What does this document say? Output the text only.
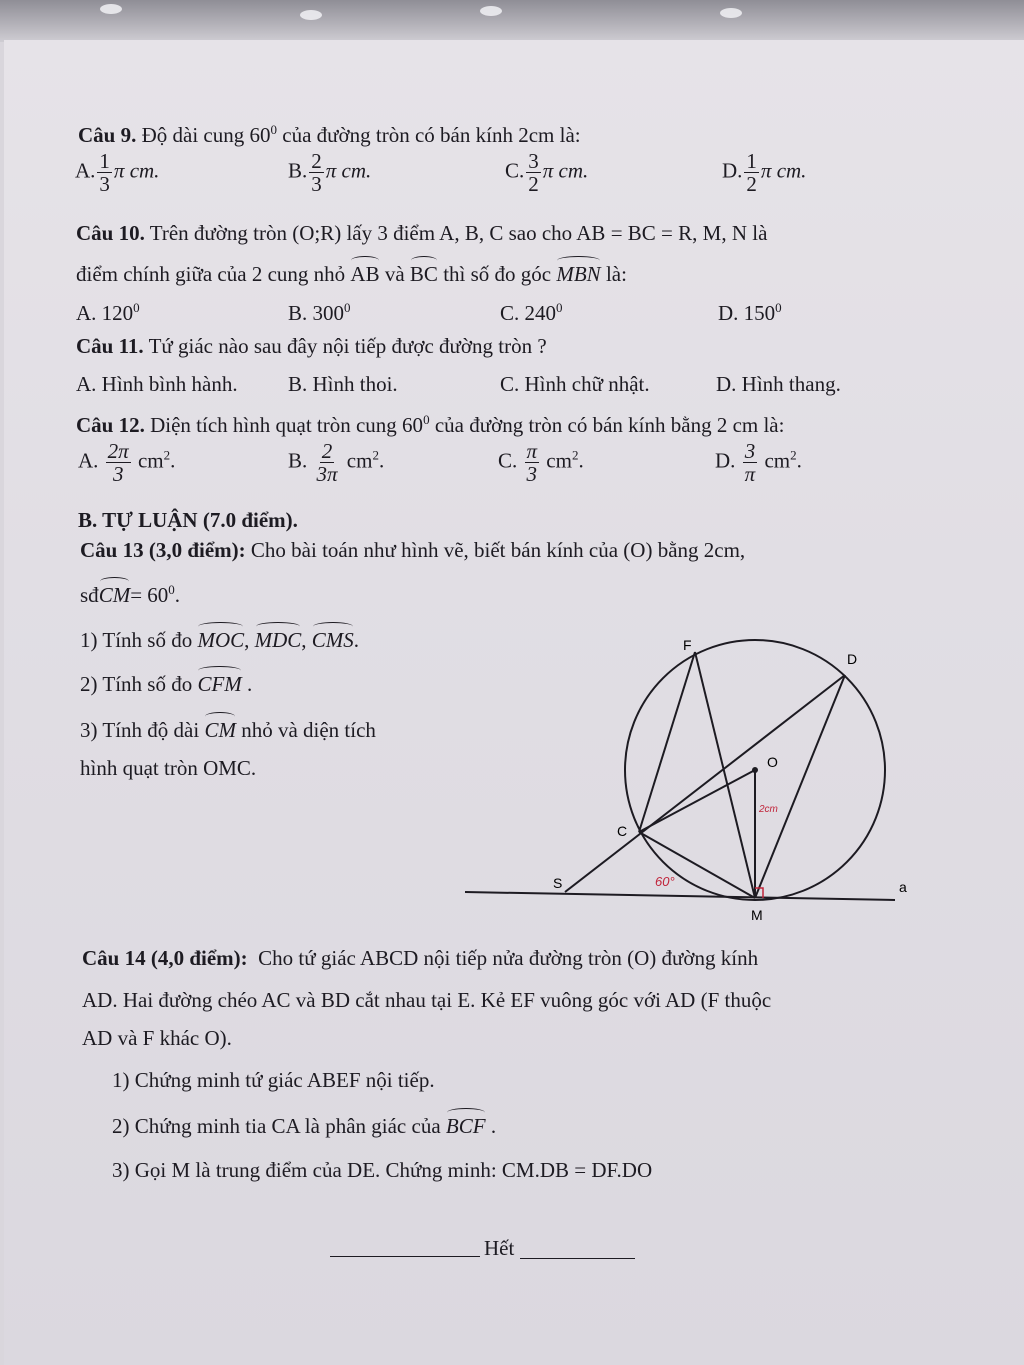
Câu 9. Độ dài cung $60^0$ của đường tròn có bán kính 2cm là:
A. $\frac{1}{3}$ π cm.	B. $\frac{2}{3}$ π cm.	C. $\frac{3}{2}$ π cm.	D. $\frac{1}{2}$ π cm.
Câu 10. Trên đường tròn (O;R) lấy 3 điểm A, B, C sao cho AB = BC = R, M, N là
điểm chính giữa của 2 cung nhỏ AB và BC thì số đo góc MBN là:
A. $120^0$	B. $300^0$	C. $240^0$	D. $150^0$
Câu 11. Tứ giác nào sau đây nội tiếp được đường tròn ?
A. Hình bình hành. B. Hình thoi.	C. Hình chữ nhật.	D. Hình thang.
Câu 12. Diện tích hình quạt tròn cung $60^0$ của đường tròn có bán kính bằng 2 cm là:
A. $\frac{2\pi}{3} cm^2$.	B. $\frac{2}{3\pi} cm^2$.	C. $\frac{\pi}{3} cm^2$.	D. $\frac{3}{\pi} cm^2$.
B. TỰ LUẬN (7.0 điểm).
Câu 13 (3,0 điểm): Cho bài toán như hình vẽ, biết bán kính của (O) bằng 2cm,
sđCM= $60^0$.
1) Tính số đo MOC, MDC, CMS.
2) Tính số đo CFM .
3) Tính độ dài CM nhỏ và diện tích
hình quạt tròn OMC.
F
D
O
C
S
M
a
60°
2cm
Câu 14 (4,0 điểm): Cho tứ giác ABCD nội tiếp nửa đường tròn (O) đường kính
AD. Hai đường chéo AC và BD cắt nhau tại E. Kẻ EF vuông góc với AD (F thuộc
AD và F khác O).
1) Chứng minh tứ giác ABEF nội tiếp.
2) Chứng minh tia CA là phân giác của BCF .
3) Gọi M là trung điểm của DE. Chứng minh: CM.DB = DF.DO
Hết
